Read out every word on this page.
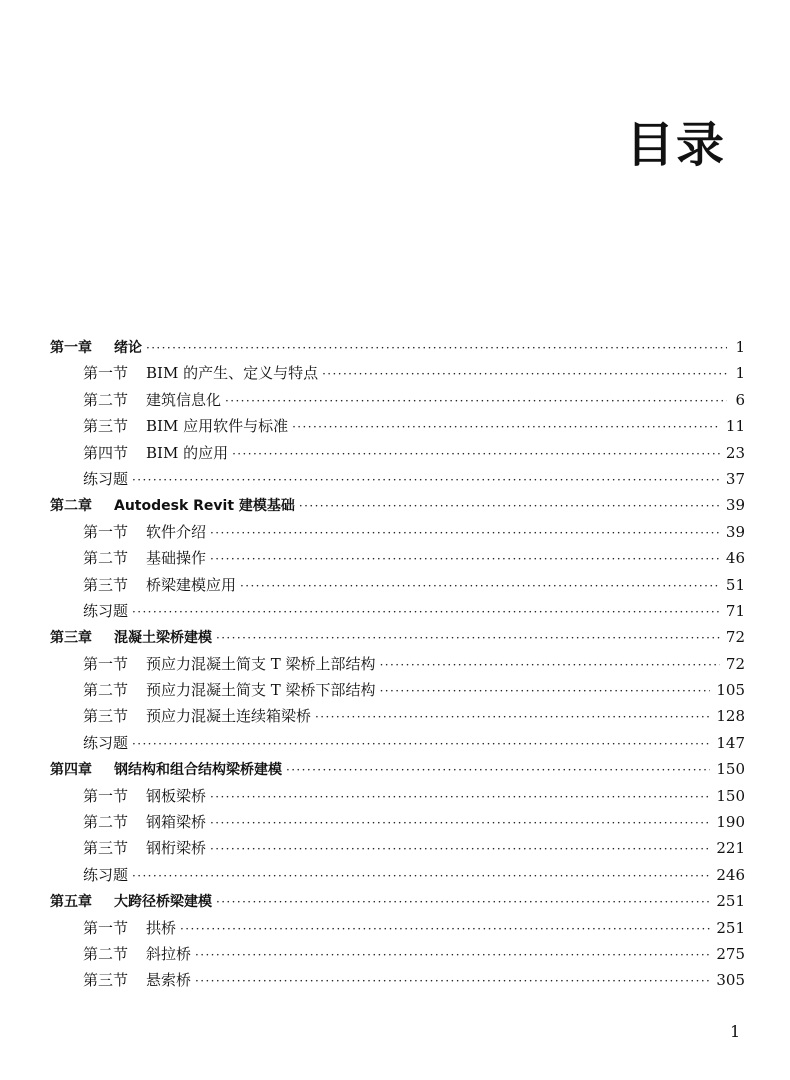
目录
第一章 绪论 ·····	1
第一节 BIM 的产生、定义与特点 ·····	1
第二节 建筑信息化 ·····	6
第三节 BIM 应用软件与标准 ·····	11
第四节 BIM 的应用 ·····	23
练习题 ·····	37
第二章 Autodesk Revit 建模基础 ·····	39
第一节 软件介绍 ·····	39
第二节 基础操作 ·····	46
第三节 桥梁建模应用 ·····	51
练习题 ·····	71
第三章 混凝土梁桥建模 ·····	72
第一节 预应力混凝土简支 T 梁桥上部结构 ·····	72
第二节 预应力混凝土简支 T 梁桥下部结构 ·····	105
第三节 预应力混凝土连续箱梁桥 ·····	128
练习题 ·····	147
第四章 钢结构和组合结构梁桥建模 ·····	150
第一节 钢板梁桥 ·····	150
第二节 钢箱梁桥 ·····	190
第三节 钢桁梁桥 ·····	221
练习题 ·····	246
第五章 大跨径桥梁建模 ·····	251
第一节 拱桥 ·····	251
第二节 斜拉桥 ·····	275
第三节 悬索桥 ·····	305
1
